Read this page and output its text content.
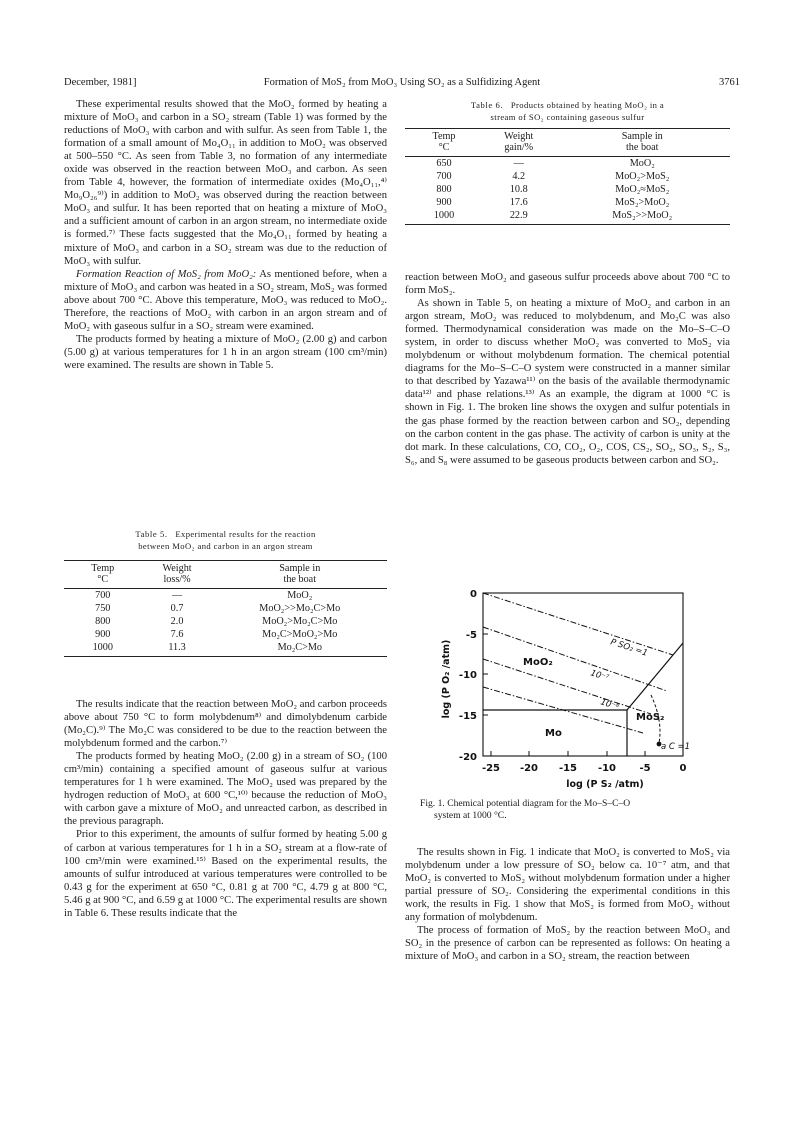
December, 1981]	Formation of MoS₂ from MoO₃ Using SO₂ as a Sulfidizing Agent	3761

These experimental results showed that the MoO₂ formed by heating a mixture of MoO₃ and carbon in a SO₂ stream (Table 1) was formed by the reductions of MoO₃ with carbon and with sulfur. As seen from Table 1, the formation of a small amount of Mo₄O₁₁ in addition to MoO₂ was observed at 500–550 °C. As seen from Table 3, no formation of any intermediate oxide was observed in the reaction between MoO₃ and carbon. As seen from Table 4, however, the formation of intermediate oxides (Mo₄O₁₁,⁴⁾ Mo₉O₂₆⁹⁾) in addition to MoO₂ was observed during the reaction between MoO₃ and sulfur. It has been reported that on heating a mixture of MoO₃ and a sufficient amount of carbon in an argon stream, no intermediate oxide is formed.⁷⁾ These facts suggested that the Mo₄O₁₁ formed by heating a mixture of MoO₃ and carbon in a SO₂ stream was due to the reduction of MoO₃ with sulfur.

Formation Reaction of MoS₂ from MoO₂: As mentioned before, when a mixture of MoO₃ and carbon was heated in a SO₂ stream, MoS₂ was formed above about 700 °C. Above this temperature, MoO₃ was reduced to MoO₂. Therefore, the reactions of MoO₂ with carbon in an argon stream and of MoO₂ with gaseous sulfur in a SO₂ stream were examined.

The products formed by heating a mixture of MoO₂ (2.00 g) and carbon (5.00 g) at various temperatures for 1 h in an argon stream (100 cm³/min) were examined. The results are shown in Table 5.

Table 5. Experimental results for the reaction
between MoO₂ and carbon in an argon stream
Temp
°C	Weight
loss/%	Sample in
the boat
700	—	MoO₂
750	0.7	MoO₂>>Mo₂C>Mo
800	2.0	MoO₂>Mo₂C>Mo
900	7.6	Mo₂C>MoO₂>Mo
1000	11.3	Mo₂C>Mo

The results indicate that the reaction between MoO₂ and carbon proceeds above about 750 °C to form molybdenum⁸⁾ and dimolybdenum carbide (Mo₂C).⁹⁾ The Mo₂C was considered to be due to the reaction between the molybdenum formed and the carbon.⁷⁾

The products formed by heating MoO₂ (2.00 g) in a stream of SO₂ (100 cm³/min) containing a specified amount of gaseous sulfur at various temperatures for 1 h were examined. The MoO₂ used was prepared by the hydrogen reduction of MoO₃ at 600 °C,¹⁰⁾ because the reduction of MoO₃ with carbon gave a mixture of MoO₂ and unreacted carbon, as described in the previous paragraph.

Prior to this experiment, the amounts of sulfur formed by heating 5.00 g of carbon at various temperatures for 1 h in a SO₂ stream at a flow-rate of 100 cm³/min were examined.¹⁵⁾ Based on the experimental results, the amounts of sulfur introduced at various temperatures were controlled to be 0.43 g for the experiment at 650 °C, 0.81 g at 700 °C, 4.79 g at 800 °C, 5.46 g at 900 °C, and 6.59 g at 1000 °C. The experimental results are shown in Table 6. These results indicate that the

Table 6. Products obtained by heating MoO₂ in a
stream of SO₂ containing gaseous sulfur
Temp
°C	Weight
gain/%	Sample in
the boat
650	—	MoO₂
700	4.2	MoO₂>MoS₂
800	10.8	MoO₂≈MoS₂
900	17.6	MoS₂>MoO₂
1000	22.9	MoS₂>>MoO₂

reaction between MoO₂ and gaseous sulfur proceeds above about 700 °C to form MoS₂.

As shown in Table 5, on heating a mixture of MoO₂ and carbon in an argon stream, MoO₂ was reduced to molybdenum, and Mo₂C was also formed. Thermodynamical consideration was made on the Mo–S–C–O system, in order to discuss whether MoO₂ was converted to MoS₂ via molybdenum or without molybdenum formation. The chemical potential diagrams for the Mo–S–C–O system were constructed in a manner similar to that described by Yazawa¹¹⁾ on the basis of the available thermodynamic data¹²⁾ and phase relations.¹³⁾ As an example, the digram at 1000 °C is shown in Fig. 1. The broken line shows the oxygen and sulfur potentials in the gas phase formed by the reaction between carbon and SO₂, depending on the carbon content in the gas phase. The activity of carbon is unity at the dot mark. In these calculations, CO, CO₂, O₂, COS, CS₂, SO₂, SO₃, S₂, S₃, S₆, and S₈ were assumed to be gaseous products between carbon and SO₂.

0
-5
-10
-15
-20
-25 -20 -15 -10 -5	0
log (P S₂ /atm)
log (P O₂ /atm)	MoO₂
Mo
MoS₂
P SO₂ =1
10⁻⁷
10⁻⁸
a C =1
Fig. 1. Chemical potential diagram for the Mo–S–C–O
system at 1000 °C.

The results shown in Fig. 1 indicate that MoO₂ is converted to MoS₂ via molybdenum under a low pressure of SO₂ below ca. 10⁻⁷ atm, and that MoO₂ is converted to MoS₂ without molybdenum formation under a higher partial pressure of SO₂. Considering the experimental conditions in this work, the results in Fig. 1 show that MoS₂ is formed from MoO₂ without any formation of molybdenum.

The process of formation of MoS₂ by the reaction between MoO₃ and SO₂ in the presence of carbon can be represented as follows: On heating a mixture of MoO₃ and carbon in a SO₂ stream, the reaction between
